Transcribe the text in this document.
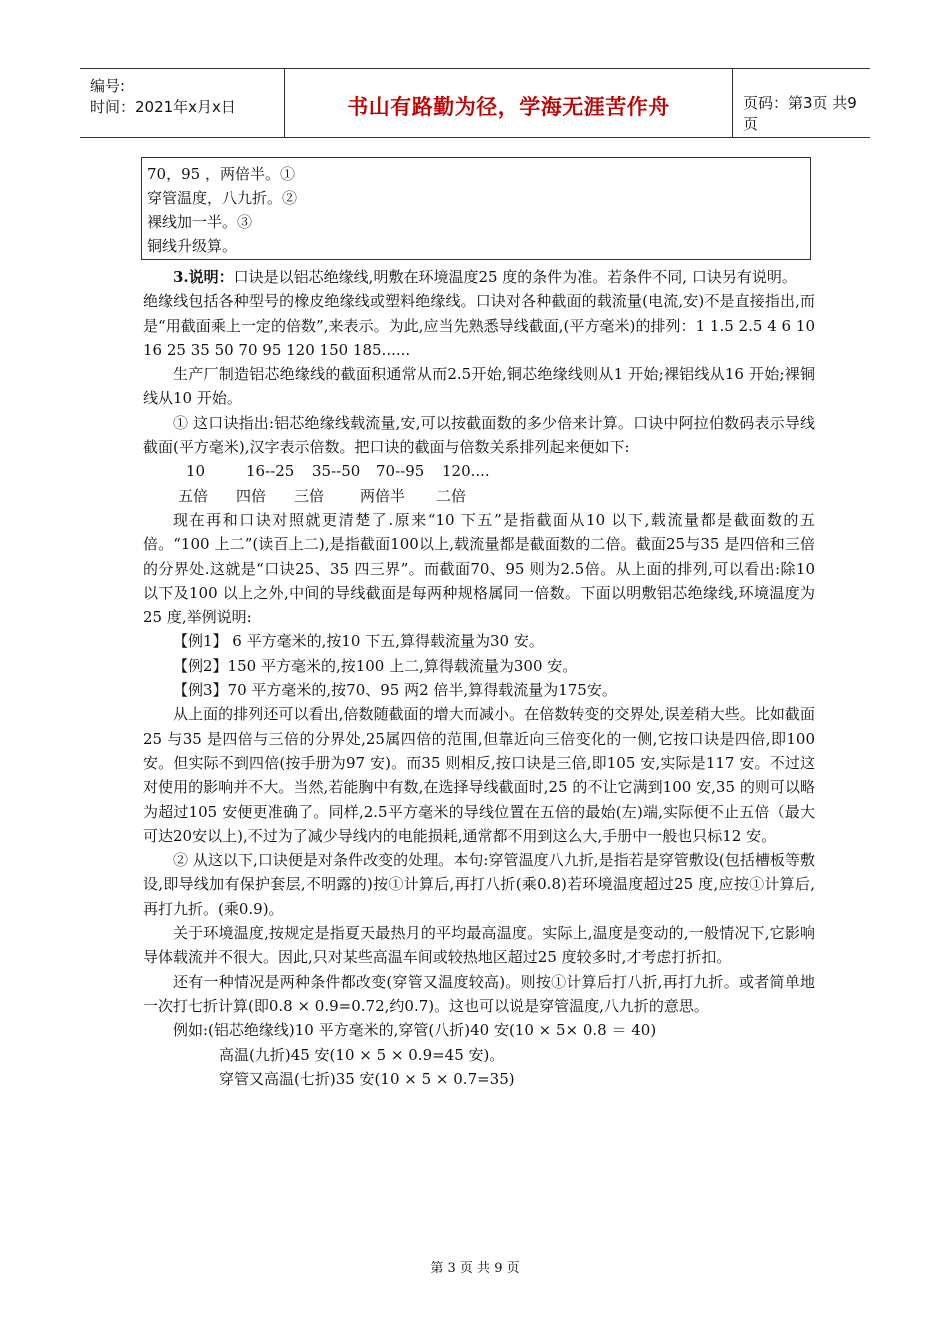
编号:
时间：2021年x月x日	书山有路勤为径，学海无涯苦作舟	页码：第3页 共9页
70，95 ，两倍半。①
穿管温度，八九折。②
裸线加一半。③
铜线升级算。

3.说明：口诀是以铝芯绝缘线,明敷在环境温度25 度的条件为准。若条件不同, 口诀另有说明。

绝缘线包括各种型号的橡皮绝缘线或塑料绝缘线。口诀对各种截面的载流量(电流,安)不是直接指出,而是“用截面乘上一定的倍数”,来表示。为此,应当先熟悉导线截面,(平方毫米)的排列：1 1.5 2.5 4 6 10 16 25 35 50 70 95 120 150 185......

生产厂制造铝芯绝缘线的截面积通常从而2.5开始,铜芯绝缘线则从1 开始;裸铝线从16 开始;裸铜线从10 开始。

① 这口诀指出:铝芯绝缘线载流量,安,可以按截面数的多少倍来计算。口诀中阿拉伯数码表示导线截面(平方毫米),汉字表示倍数。把口诀的截面与倍数关系排列起来便如下:

10	16--25	35--50	70--95	120....
五倍	四倍	三倍	两倍半	二倍

现在再和口诀对照就更清楚了.原来“10 下五”是指截面从10 以下,载流量都是截面数的五倍。“100 上二”(读百上二),是指截面100以上,载流量都是截面数的二倍。截面25与35 是四倍和三倍的分界处.这就是“口诀25、35 四三界”。而截面70、95 则为2.5倍。从上面的排列,可以看出:除10 以下及100 以上之外,中间的导线截面是每两种规格属同一倍数。下面以明敷铝芯绝缘线,环境温度为25 度,举例说明:

【例1】 6 平方毫米的,按10 下五,算得载流量为30 安。

【例2】150 平方毫米的,按100 上二,算得载流量为300 安。

【例3】70 平方毫米的,按70、95 两2 倍半,算得载流量为175安。

从上面的排列还可以看出,倍数随截面的增大而减小。在倍数转变的交界处,误差稍大些。比如截面25 与35 是四倍与三倍的分界处,25属四倍的范围,但靠近向三倍变化的一侧,它按口诀是四倍,即100 安。但实际不到四倍(按手册为97 安)。而35 则相反,按口诀是三倍,即105 安,实际是117 安。不过这对使用的影响并不大。当然,若能胸中有数,在选择导线截面时,25 的不让它满到100 安,35 的则可以略为超过105 安便更准确了。同样,2.5平方毫米的导线位置在五倍的最始(左)端,实际便不止五倍（最大可达20安以上),不过为了减少导线内的电能损耗,通常都不用到这么大,手册中一般也只标12 安。

② 从这以下,口诀便是对条件改变的处理。本句:穿管温度八九折,是指若是穿管敷设(包括槽板等敷设,即导线加有保护套层,不明露的)按①计算后,再打八折(乘0.8)若环境温度超过25 度,应按①计算后,再打九折。(乘0.9)。

关于环境温度,按规定是指夏天最热月的平均最高温度。实际上,温度是变动的,一般情况下,它影响导体载流并不很大。因此,只对某些高温车间或较热地区超过25 度较多时,才考虑打折扣。

还有一种情况是两种条件都改变(穿管又温度较高)。则按①计算后打八折,再打九折。或者简单地一次打七折计算(即0.8 × 0.9=0.72,约0.7)。这也可以说是穿管温度,八九折的意思。

例如:(铝芯绝缘线)10 平方毫米的,穿管(八折)40 安(10 × 5× 0.8 ＝ 40)

高温(九折)45 安(10 × 5 × 0.9=45 安)。

穿管又高温(七折)35 安(10 × 5 × 0.7=35)

第 3 页 共 9 页
